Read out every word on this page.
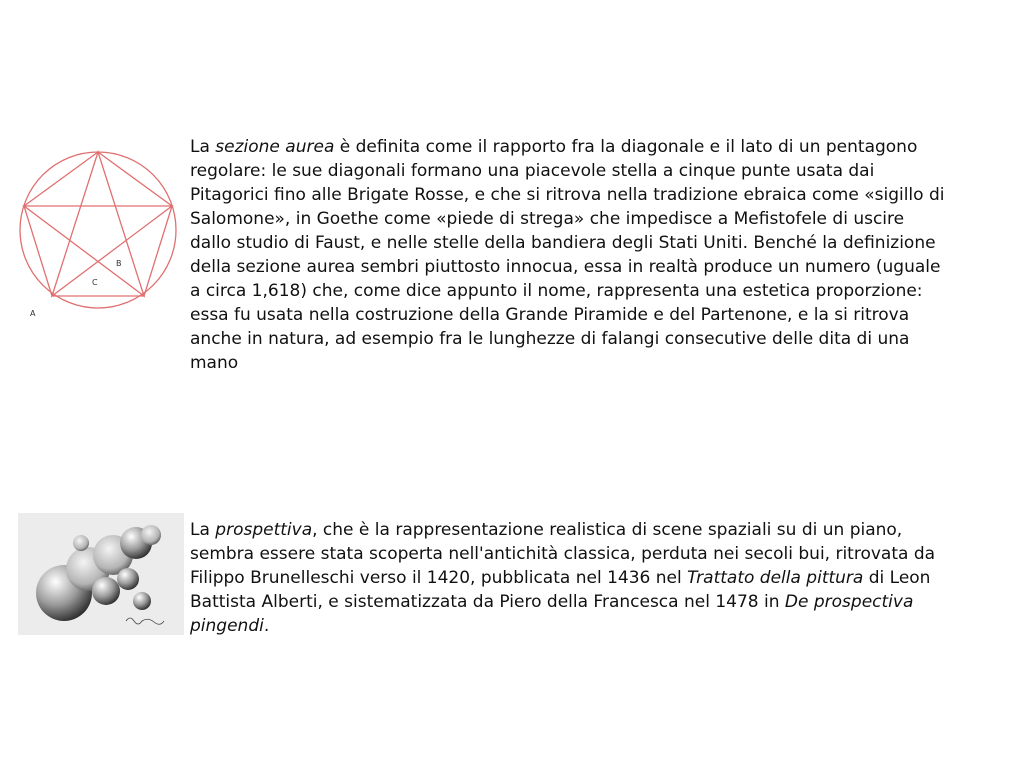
A
B
C

La sezione aurea è definita come il rapporto fra la diagonale e il lato di un pentagono regolare: le sue diagonali formano una piacevole stella a cinque punte usata dai Pitagorici fino alle Brigate Rosse, e che si ritrova nella tradizione ebraica come «sigillo di Salomone», in Goethe come «piede di strega» che impedisce a Mefistofele di uscire dallo studio di Faust, e nelle stelle della bandiera degli Stati Uniti. Benché la definizione della sezione aurea sembri piuttosto innocua, essa in realtà produce un numero (uguale a circa 1,618) che, come dice appunto il nome, rappresenta una estetica proporzione: essa fu usata nella costruzione della Grande Piramide e del Partenone, e la si ritrova anche in natura, ad esempio fra le lunghezze di falangi consecutive delle dita di una mano

La prospettiva, che è la rappresentazione realistica di scene spaziali su di un piano, sembra essere stata scoperta nell'antichità classica, perduta nei secoli bui, ritrovata da Filippo Brunelleschi verso il 1420, pubblicata nel 1436 nel Trattato della pittura di Leon Battista Alberti, e sistematizzata da Piero della Francesca nel 1478 in De prospectiva pingendi.
